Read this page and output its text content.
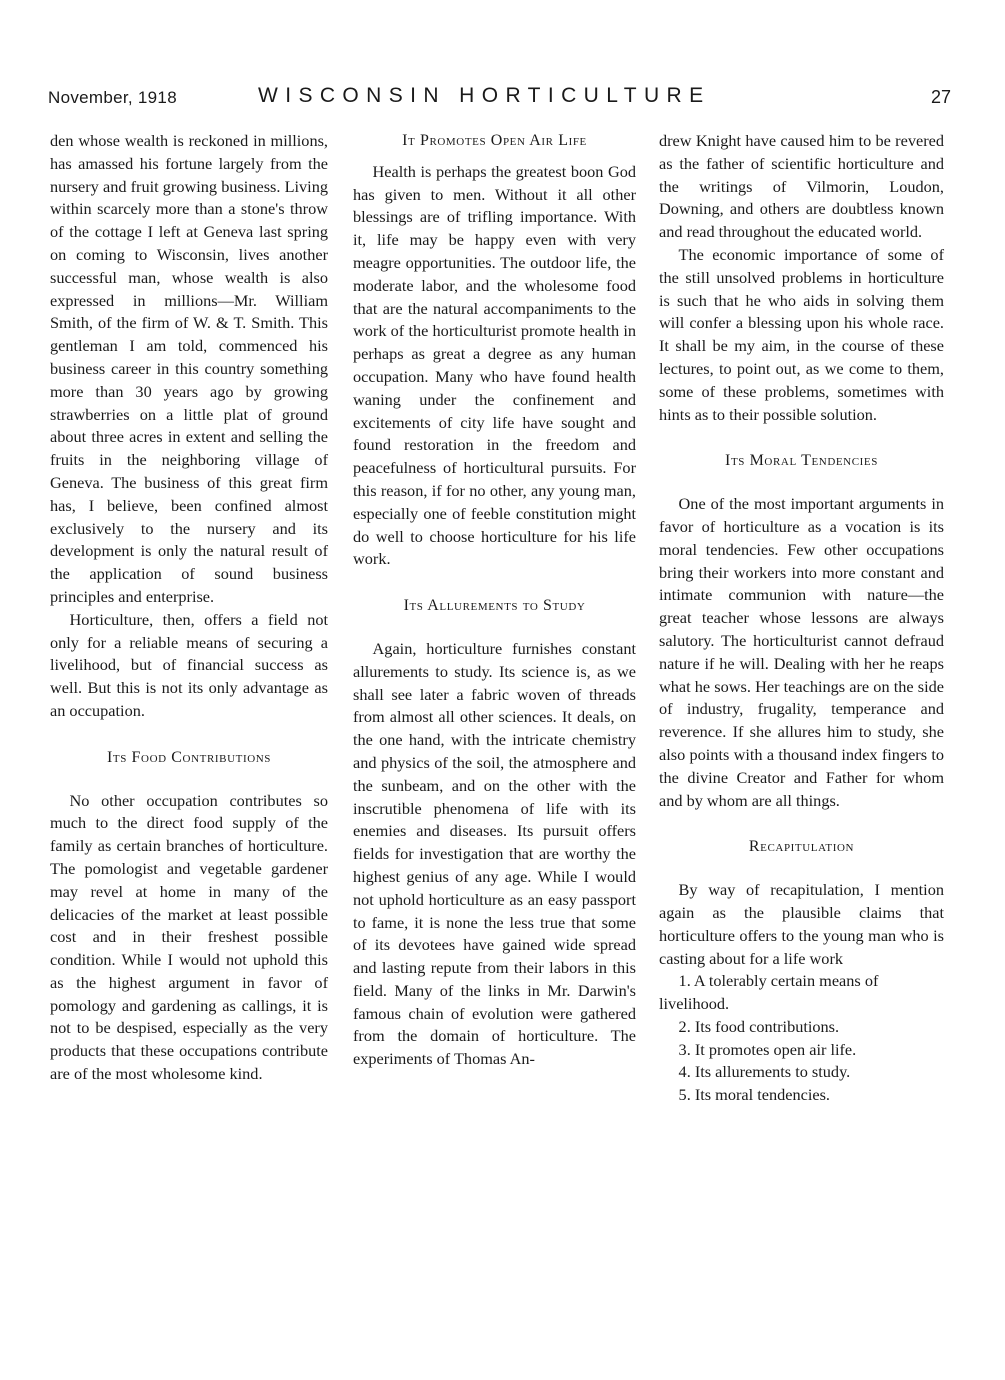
November, 1918	WISCONSIN HORTICULTURE	27

den whose wealth is reckoned in millions, has amassed his fortune largely from the nursery and fruit growing business. Living within scarcely more than a stone's throw of the cottage I left at Geneva last spring on coming to Wisconsin, lives another successful man, whose wealth is also expressed in millions—Mr. William Smith, of the firm of W. & T. Smith. This gentleman I am told, commenced his business career in this country something more than 30 years ago by growing strawberries on a little plat of ground about three acres in extent and selling the fruits in the neighboring village of Geneva. The business of this great firm has, I believe, been confined almost exclusively to the nursery and its development is only the natural result of the application of sound business principles and enterprise.

Horticulture, then, offers a field not only for a reliable means of securing a livelihood, but of financial success as well. But this is not its only advantage as an occupation.

Its Food Contributions

No other occupation contributes so much to the direct food supply of the family as certain branches of horticulture. The pomologist and vegetable gardener may revel at home in many of the delicacies of the market at least possible cost and in their freshest possible condition. While I would not uphold this as the highest argument in favor of pomology and gardening as callings, it is not to be despised, especially as the very products that these occupations contribute are of the most wholesome kind.

It Promotes Open Air Life

Health is perhaps the greatest boon God has given to men. Without it all other blessings are of trifling importance. With it, life may be happy even with very meagre opportunities. The outdoor life, the moderate labor, and the wholesome food that are the natural accompaniments to the work of the horticulturist promote health in perhaps as great a degree as any human occupation. Many who have found health waning under the confinement and excitements of city life have sought and found restoration in the freedom and peacefulness of horticultural pursuits. For this reason, if for no other, any young man, especially one of feeble constitution might do well to choose horticulture for his life work.

Its Allurements to Study

Again, horticulture furnishes constant allurements to study. Its science is, as we shall see later a fabric woven of threads from almost all other sciences. It deals, on the one hand, with the intricate chemistry and physics of the soil, the atmosphere and the sunbeam, and on the other with the inscrutible phenomena of life with its enemies and diseases. Its pursuit offers fields for investigation that are worthy the highest genius of any age. While I would not uphold horticulture as an easy passport to fame, it is none the less true that some of its devotees have gained wide spread and lasting repute from their labors in this field. Many of the links in Mr. Darwin's famous chain of evolution were gathered from the domain of horticulture. The experiments of Thomas An-

drew Knight have caused him to be revered as the father of scientific horticulture and the writings of Vilmorin, Loudon, Downing, and others are doubtless known and read throughout the educated world.

The economic importance of some of the still unsolved problems in horticulture is such that he who aids in solving them will confer a blessing upon his whole race. It shall be my aim, in the course of these lectures, to point out, as we come to them, some of these problems, sometimes with hints as to their possible solution.

Its Moral Tendencies

One of the most important arguments in favor of horticulture as a vocation is its moral tendencies. Few other occupations bring their workers into more constant and intimate communion with nature—the great teacher whose lessons are always salutory. The horticulturist cannot defraud nature if he will. Dealing with her he reaps what he sows. Her teachings are on the side of industry, frugality, temperance and reverence. If she allures him to study, she also points with a thousand index fingers to the divine Creator and Father for whom and by whom are all things.

Recapitulation

By way of recapitulation, I mention again as the plausible claims that horticulture offers to the young man who is casting about for a life work

1. A tolerably certain means of livelihood.
2. Its food contributions.
3. It promotes open air life.
4. Its allurements to study.
5. Its moral tendencies.
